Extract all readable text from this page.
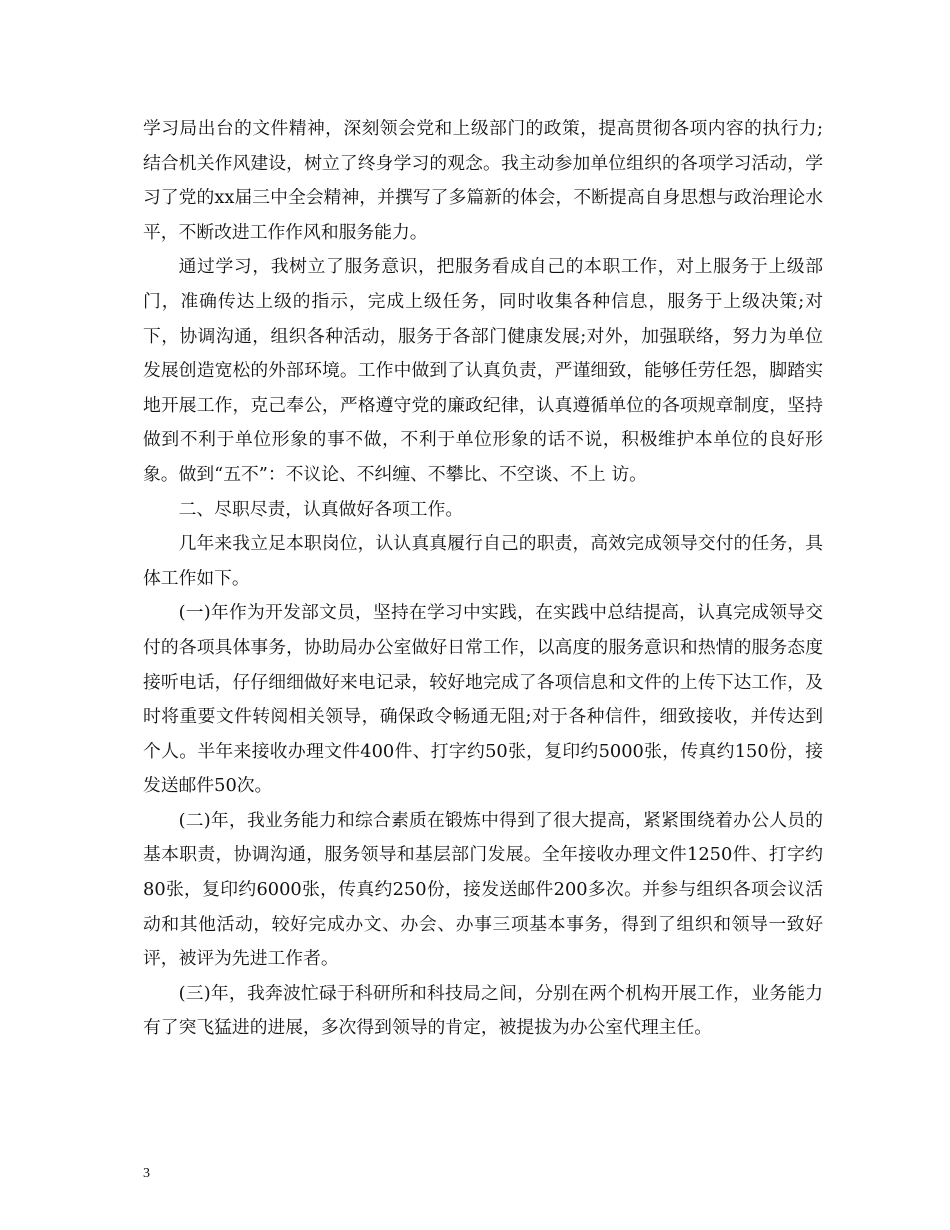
学习局出台的文件精神，深刻领会党和上级部门的政策，提高贯彻各项内容的执行力;结合机关作风建设，树立了终身学习的观念。我主动参加单位组织的各项学习活动，学习了党的xx届三中全会精神，并撰写了多篇新的体会，不断提高自身思想与政治理论水平，不断改进工作作风和服务能力。

通过学习，我树立了服务意识，把服务看成自己的本职工作，对上服务于上级部门，准确传达上级的指示，完成上级任务，同时收集各种信息，服务于上级决策;对下，协调沟通，组织各种活动，服务于各部门健康发展;对外，加强联络，努力为单位发展创造宽松的外部环境。工作中做到了认真负责，严谨细致，能够任劳任怨，脚踏实地开展工作，克己奉公，严格遵守党的廉政纪律，认真遵循单位的各项规章制度，坚持做到不利于单位形象的事不做，不利于单位形象的话不说，积极维护本单位的良好形象。做到“五不”：不议论、不纠缠、不攀比、不空谈、不上 访。

二、尽职尽责，认真做好各项工作。

几年来我立足本职岗位，认认真真履行自己的职责，高效完成领导交付的任务，具体工作如下。

(一)年作为开发部文员，坚持在学习中实践，在实践中总结提高，认真完成领导交付的各项具体事务，协助局办公室做好日常工作，以高度的服务意识和热情的服务态度接听电话，仔仔细细做好来电记录，较好地完成了各项信息和文件的上传下达工作，及时将重要文件转阅相关领导，确保政令畅通无阻;对于各种信件，细致接收，并传达到个人。半年来接收办理文件400件、打字约50张，复印约5000张，传真约150份，接发送邮件50次。

(二)年，我业务能力和综合素质在锻炼中得到了很大提高，紧紧围绕着办公人员的基本职责，协调沟通，服务领导和基层部门发展。全年接收办理文件1250件、打字约80张，复印约6000张，传真约250份，接发送邮件200多次。并参与组织各项会议活动和其他活动，较好完成办文、办会、办事三项基本事务，得到了组织和领导一致好评，被评为先进工作者。

(三)年，我奔波忙碌于科研所和科技局之间，分别在两个机构开展工作，业务能力有了突飞猛进的进展，多次得到领导的肯定，被提拔为办公室代理主任。

3
